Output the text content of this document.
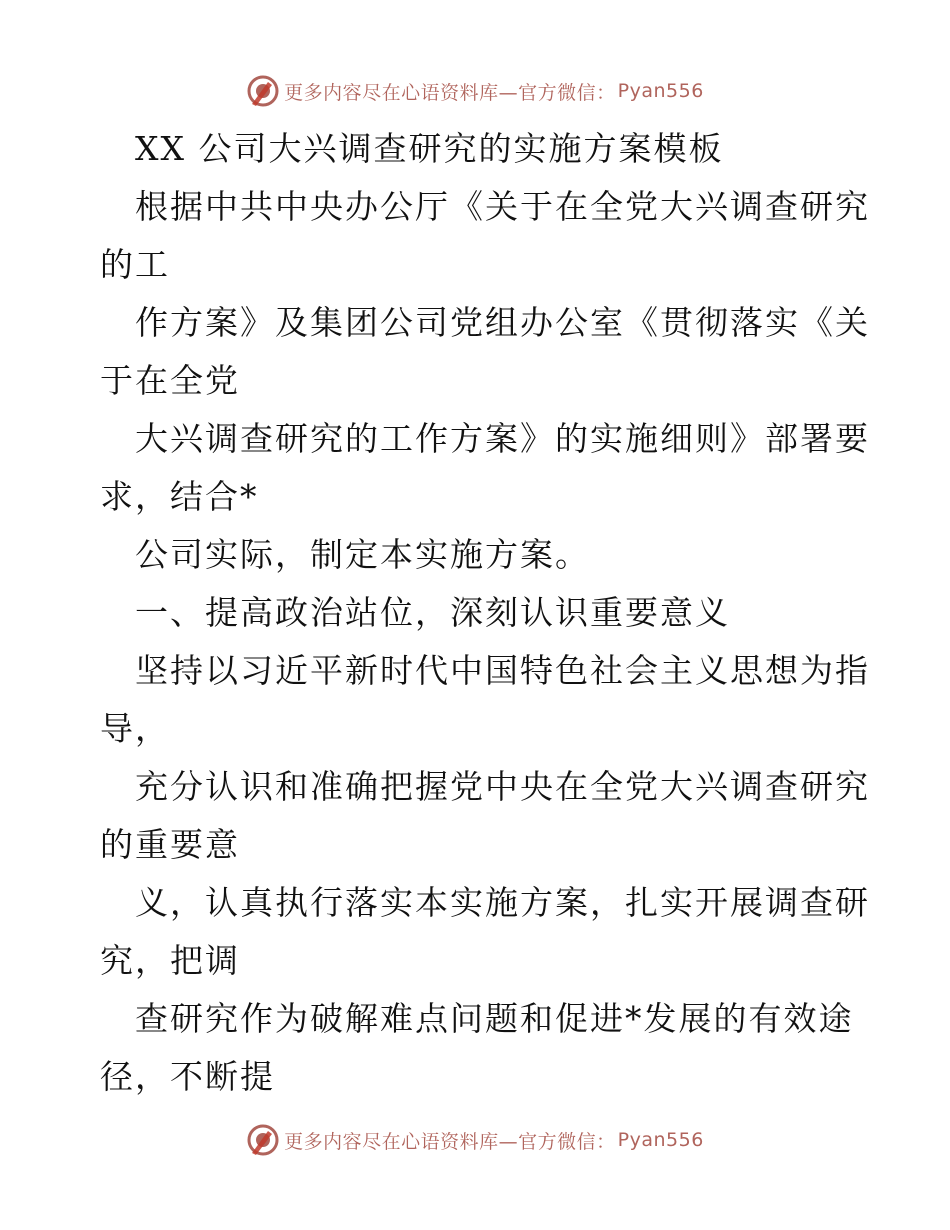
更多内容尽在心语资料库—官方微信： Pyan556
XX 公司大兴调查研究的实施方案模板
根据中共中央办公厅《关于在全党大兴调查研究
的工
作方案》及集团公司党组办公室《贯彻落实《关
于在全党
大兴调查研究的工作方案》的实施细则》部署要
求，结合*
公司实际，制定本实施方案。
一、提高政治站位，深刻认识重要意义
坚持以习近平新时代中国特色社会主义思想为指
导，
充分认识和准确把握党中央在全党大兴调查研究
的重要意
义，认真执行落实本实施方案，扎实开展调查研
究，把调
查研究作为破解难点问题和促进*发展的有效途
径，不断提
更多内容尽在心语资料库—官方微信： Pyan556
